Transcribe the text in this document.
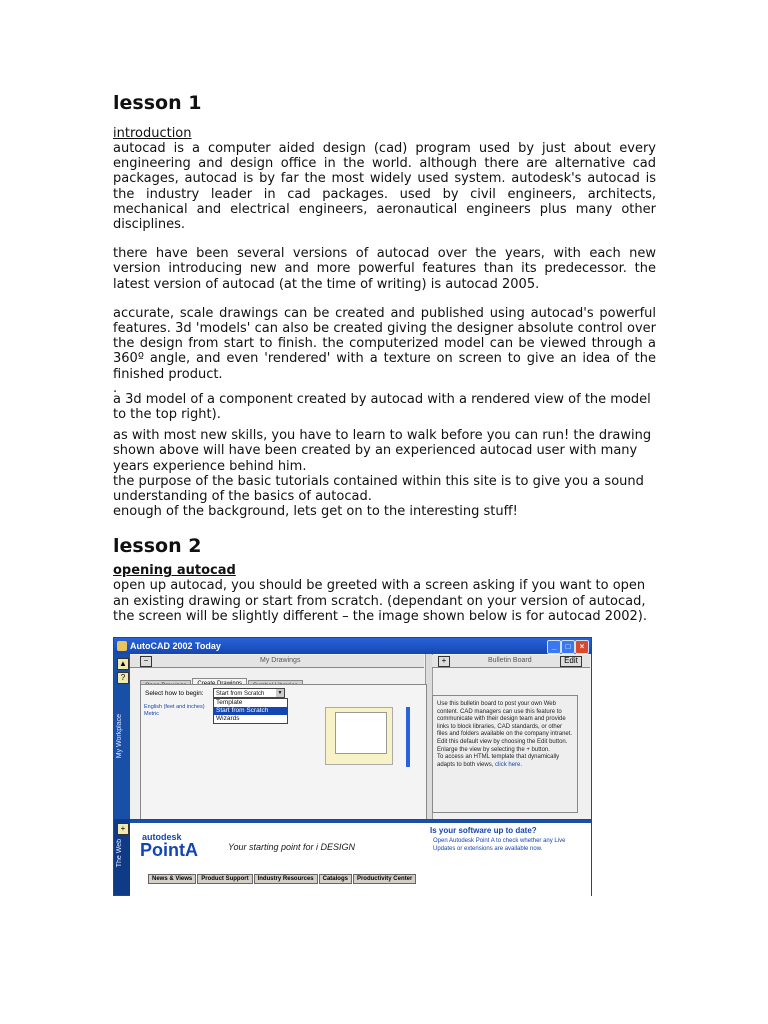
lesson 1
introduction

autocad is a computer aided design (cad) program used by just about every engineering and design office in the world. although there are alternative cad packages, autocad is by far the most widely used system. autodesk's autocad is the industry leader in cad packages. used by civil engineers, architects, mechanical and electrical engineers, aeronautical engineers plus many other disciplines.

there have been several versions of autocad over the years, with each new version introducing new and more powerful features than its predecessor. the latest version of autocad (at the time of writing) is autocad 2005.

accurate, scale drawings can be created and published using autocad's powerful features. 3d 'models' can also be created giving the designer absolute control over the design from start to finish. the computerized model can be viewed through a 360º angle, and even 'rendered' with a texture on screen to give an idea of the finished product.

.

a 3d model of a component created by autocad with a rendered view of the model to the top right).

as with most new skills, you have to learn to walk before you can run! the drawing shown above will have been created by an experienced autocad user with many years experience behind him.

the purpose of the basic tutorials contained within this site is to give you a sound understanding of the basics of autocad.

enough of the background, lets get on to the interesting stuff!

lesson 2
opening autocad

open up autocad, you should be greeted with a screen asking if you want to open an existing drawing or start from scratch. (dependant on your version of autocad, the screen will be slightly different – the image shown below is for autocad 2002).

AutoCAD 2002 Today	_	□	×
▲
?
My Workplace
+
The Web
−	My Drawings	+	Bulletin Board	Edit
Select how to begin:	Start from Scratch	▼
Template
Start from Scratch
Wizards
English (feet and inches)
Metric
Use this bulletin board to post your own Web content. CAD managers can use this feature to communicate with their design team and provide links to block libraries, CAD standards, or other files and folders available on the company intranet. Edit this default view by choosing the Edit button. Enlarge the view by selecting the + button.
To access an HTML template that dynamically adapts to both views, click here.
autodesk
PointA	Your starting point for i DESIGN
Is your software up to date?
Open Autodesk Point A to check whether any Live Updates or extensions are available now.
News & Views Product Support Industry Resources Catalogs Productivity Center
